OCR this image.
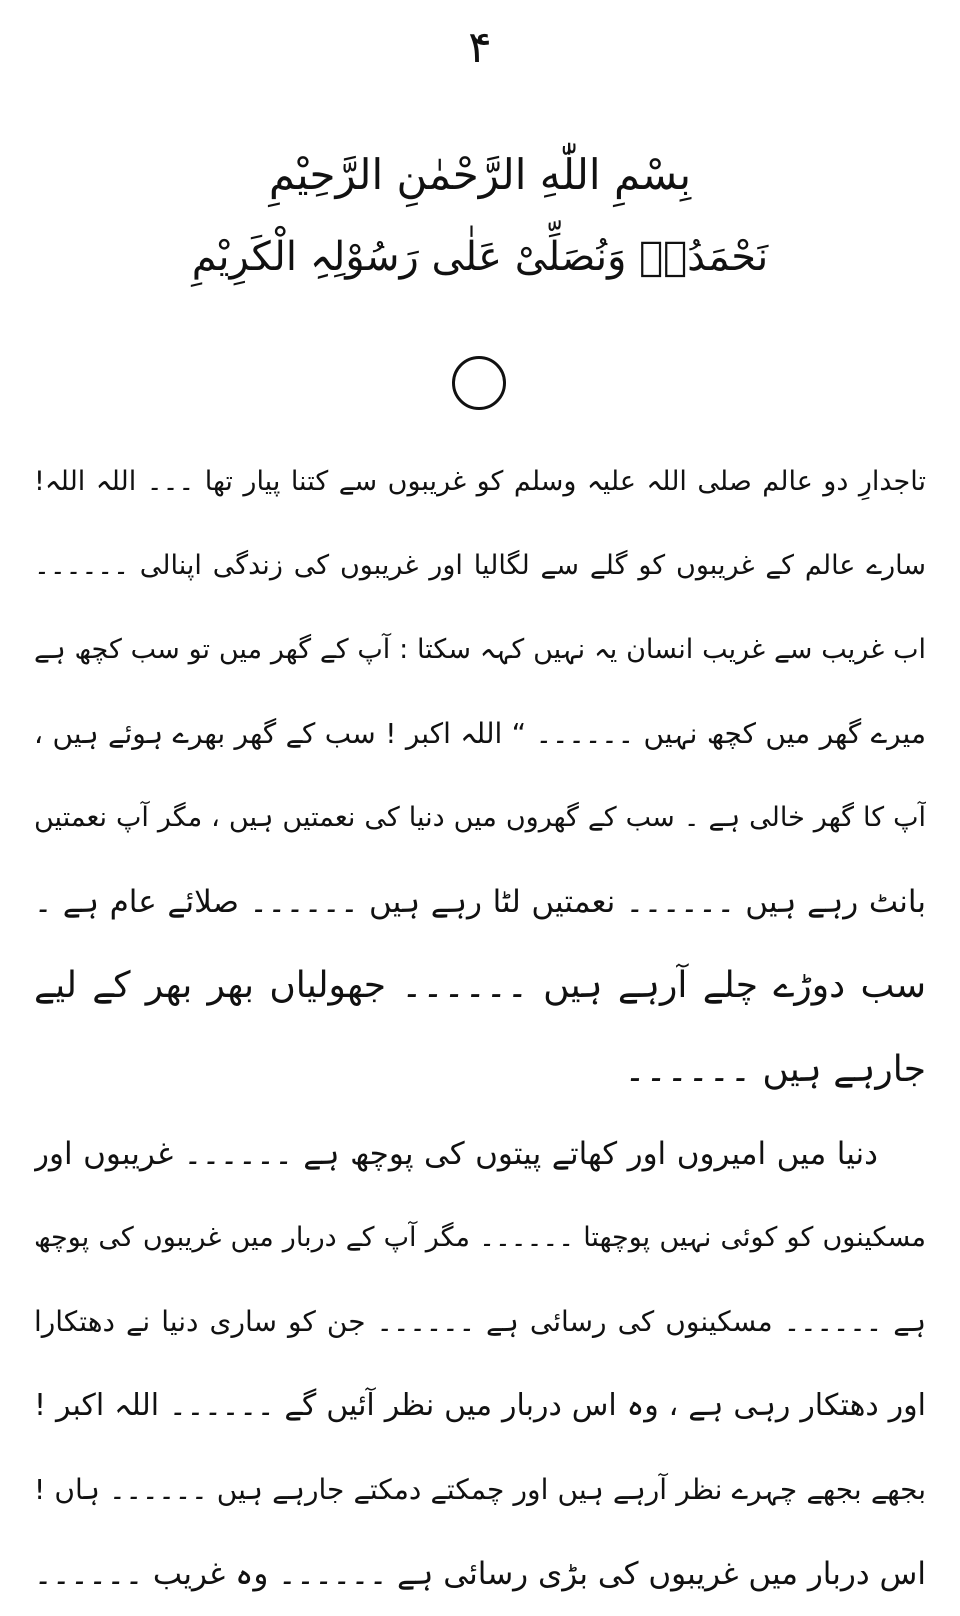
۴
بِسْمِ اللّٰهِ الرَّحْمٰنِ الرَّحِیْمِ
نَحْمَدُہٗ وَنُصَلِّیْ عَلٰی رَسُوْلِہِ الْکَرِیْمِ
تاجدارِ دو عالم صلی اللہ علیہ وسلم کو غریبوں سے کتنا پیار تھا ۔۔۔ اللہ اللہ!
سارے عالم کے غریبوں کو گلے سے لگالیا اور غریبوں کی زندگی اپنالی ۔۔۔۔۔۔
اب غریب سے غریب انسان یہ نہیں کہہ سکتا : آپ کے گھر میں تو سب کچھ ہے
میرے گھر میں کچھ نہیں ۔۔۔۔۔۔ “ اللہ اکبر ! سب کے گھر بھرے ہوئے ہیں ،
آپ کا گھر خالی ہے ۔ سب کے گھروں میں دنیا کی نعمتیں ہیں ، مگر آپ نعمتیں
بانٹ رہے ہیں ۔۔۔۔۔۔ نعمتیں لٹا رہے ہیں ۔۔۔۔۔۔ صلائے عام ہے ۔
سب دوڑے چلے آرہے ہیں ۔۔۔۔۔۔ جھولیاں بھر بھر کے لیے
جارہے ہیں ۔۔۔۔۔۔
دنیا میں امیروں اور کھاتے پیتوں کی پوچھ ہے ۔۔۔۔۔۔ غریبوں اور
مسکینوں کو کوئی نہیں پوچھتا ۔۔۔۔۔۔ مگر آپ کے دربار میں غریبوں کی پوچھ
ہے ۔۔۔۔۔۔ مسکینوں کی رسائی ہے ۔۔۔۔۔۔ جن کو ساری دنیا نے دھتکارا
اور دھتکار رہی ہے ، وہ اس دربار میں نظر آئیں گے ۔۔۔۔۔۔ اللہ اکبر !
بجھے بجھے چہرے نظر آرہے ہیں اور چمکتے دمکتے جارہے ہیں ۔۔۔۔۔۔ ہاں !
اس دربار میں غریبوں کی بڑی رسائی ہے ۔۔۔۔۔۔ وہ غریب ۔۔۔۔۔۔
